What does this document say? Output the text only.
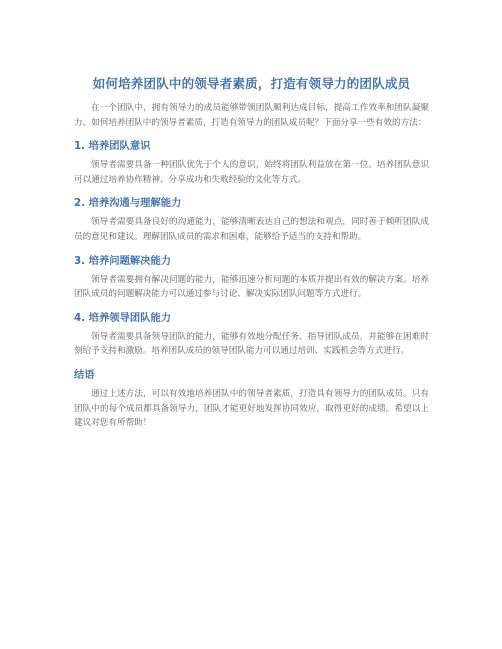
如何培养团队中的领导者素质，打造有领导力的团队成员

在一个团队中，拥有领导力的成员能够带领团队顺利达成目标，提高工作效率和团队凝聚力。如何培养团队中的领导者素质，打造有领导力的团队成员呢？下面分享一些有效的方法：

1. 培养团队意识

领导者需要具备一种团队优先于个人的意识，始终将团队利益放在第一位。培养团队意识可以通过培养协作精神、分享成功和失败经验的文化等方式。

2. 培养沟通与理解能力

领导者需要具备良好的沟通能力，能够清晰表达自己的想法和观点，同时善于倾听团队成员的意见和建议。理解团队成员的需求和困难，能够给予适当的支持和帮助。

3. 培养问题解决能力

领导者需要拥有解决问题的能力，能够迅速分析问题的本质并提出有效的解决方案。培养团队成员的问题解决能力可以通过参与讨论、解决实际团队问题等方式进行。

4. 培养领导团队能力

领导者需要具备领导团队的能力，能够有效地分配任务、指导团队成员，并能够在困难时刻给予支持和激励。培养团队成员的领导团队能力可以通过培训、实践机会等方式进行。

结语

通过上述方法，可以有效地培养团队中的领导者素质，打造具有领导力的团队成员。只有团队中的每个成员都具备领导力，团队才能更好地发挥协同效应，取得更好的成绩。希望以上建议对您有所帮助！
